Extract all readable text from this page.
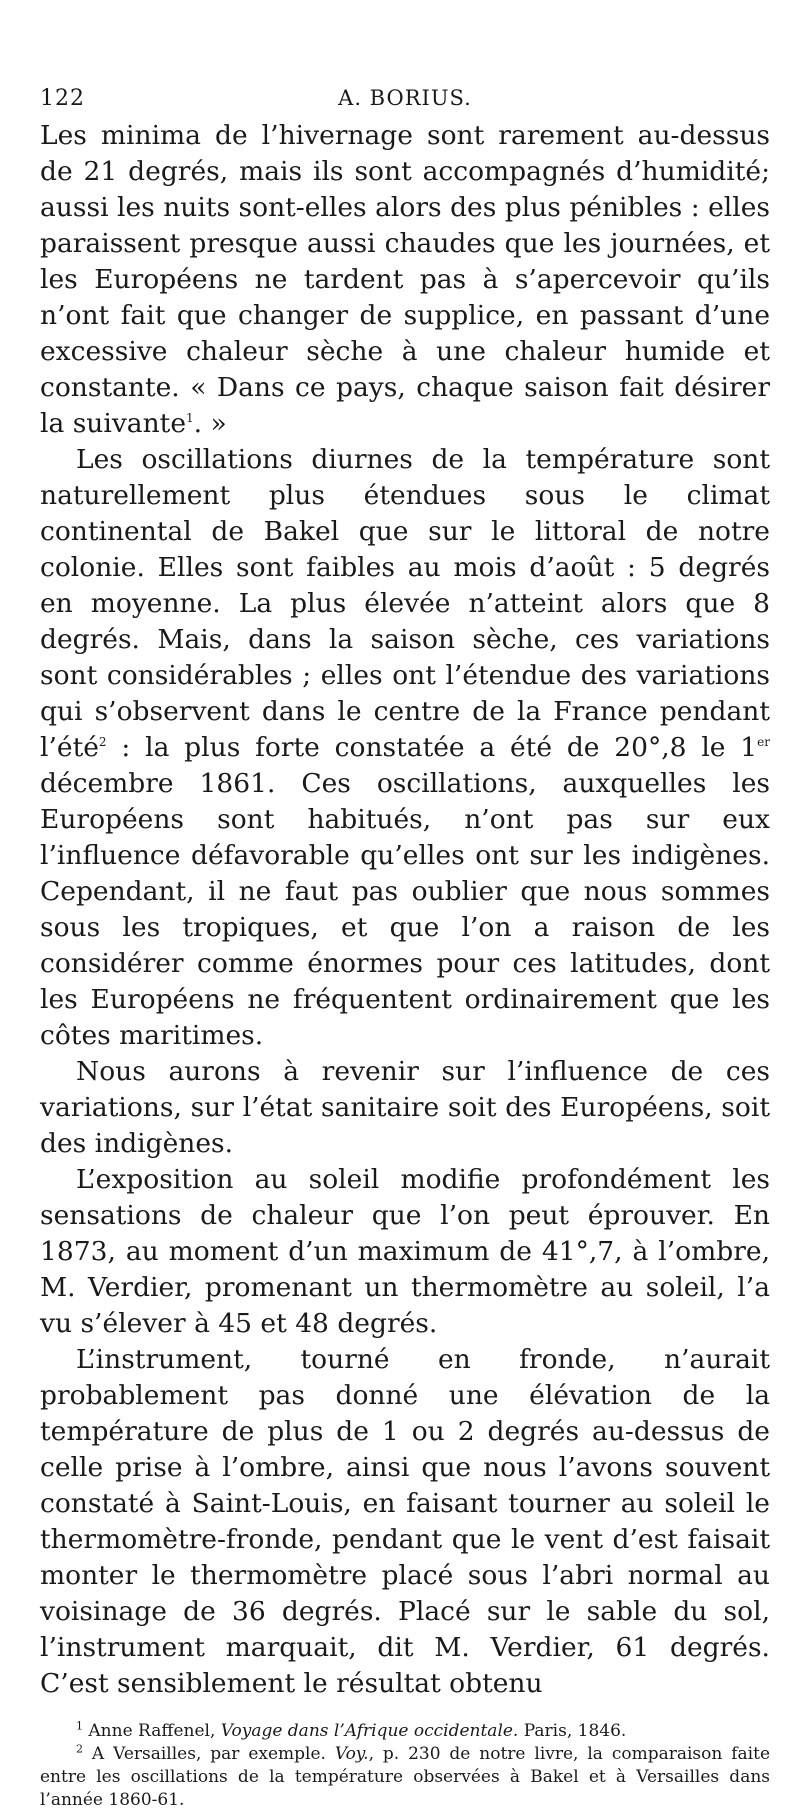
122	A. BORIUS.

Les minima de l’hivernage sont rarement au-dessus de 21 degrés, mais ils sont accompagnés d’humidité; aussi les nuits sont-elles alors des plus pénibles : elles paraissent presque aussi chaudes que les journées, et les Européens ne tardent pas à s’apercevoir qu’ils n’ont fait que changer de supplice, en passant d’une excessive chaleur sèche à une chaleur humide et constante. « Dans ce pays, chaque saison fait désirer la suivante$^1$. »

Les oscillations diurnes de la température sont naturellement plus étendues sous le climat continental de Bakel que sur le littoral de notre colonie. Elles sont faibles au mois d’août : 5 degrés en moyenne. La plus élevée n’atteint alors que 8 degrés. Mais, dans la saison sèche, ces variations sont considérables ; elles ont l’étendue des variations qui s’observent dans le centre de la France pendant l’été$^2$ : la plus forte constatée a été de 20°,8 le 1er décembre 1861. Ces oscillations, auxquelles les Européens sont habitués, n’ont pas sur eux l’influence défavorable qu’elles ont sur les indigènes. Cependant, il ne faut pas oublier que nous sommes sous les tropiques, et que l’on a raison de les considérer comme énormes pour ces latitudes, dont les Européens ne fréquentent ordinairement que les côtes maritimes.

Nous aurons à revenir sur l’influence de ces variations, sur l’état sanitaire soit des Européens, soit des indigènes.

L’exposition au soleil modifie profondément les sensations de chaleur que l’on peut éprouver. En 1873, au moment d’un maximum de 41°,7, à l’ombre, M. Verdier, promenant un thermomètre au soleil, l’a vu s’élever à 45 et 48 degrés.

L’instrument, tourné en fronde, n’aurait probablement pas donné une élévation de la température de plus de 1 ou 2 degrés au-dessus de celle prise à l’ombre, ainsi que nous l’avons souvent constaté à Saint-Louis, en faisant tourner au soleil le thermomètre-fronde, pendant que le vent d’est faisait monter le thermomètre placé sous l’abri normal au voisinage de 36 degrés. Placé sur le sable du sol, l’instrument marquait, dit M. Verdier, 61 degrés. C’est sensiblement le résultat obtenu

$^1$ Anne Raffenel, Voyage dans l’Afrique occidentale. Paris, 1846.

$^2$ A Versailles, par exemple. Voy., p. 230 de notre livre, la comparaison faite entre les oscillations de la température observées à Bakel et à Versailles dans l’année 1860-61.
